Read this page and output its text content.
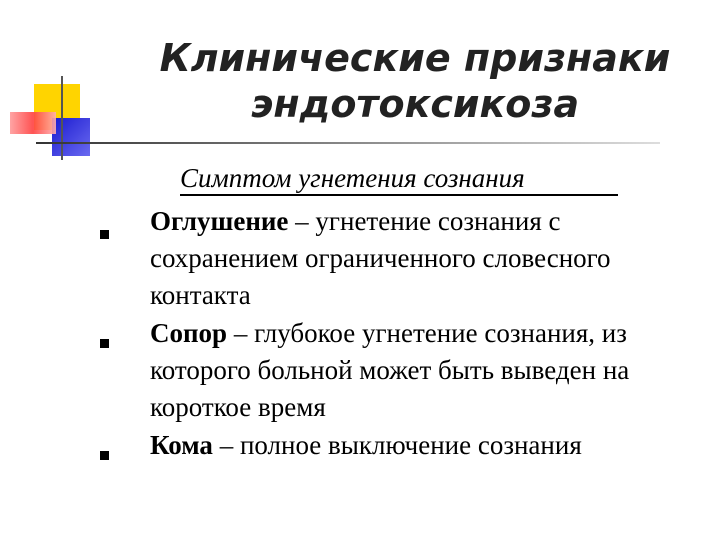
Клинические признаки
эндотоксикоза
Симптом угнетения сознания
Оглушение – угнетение сознания с сохранением ограниченного словесного контакта
Сопор – глубокое угнетение сознания, из которого больной может быть выведен на короткое время
Кома – полное выключение сознания
